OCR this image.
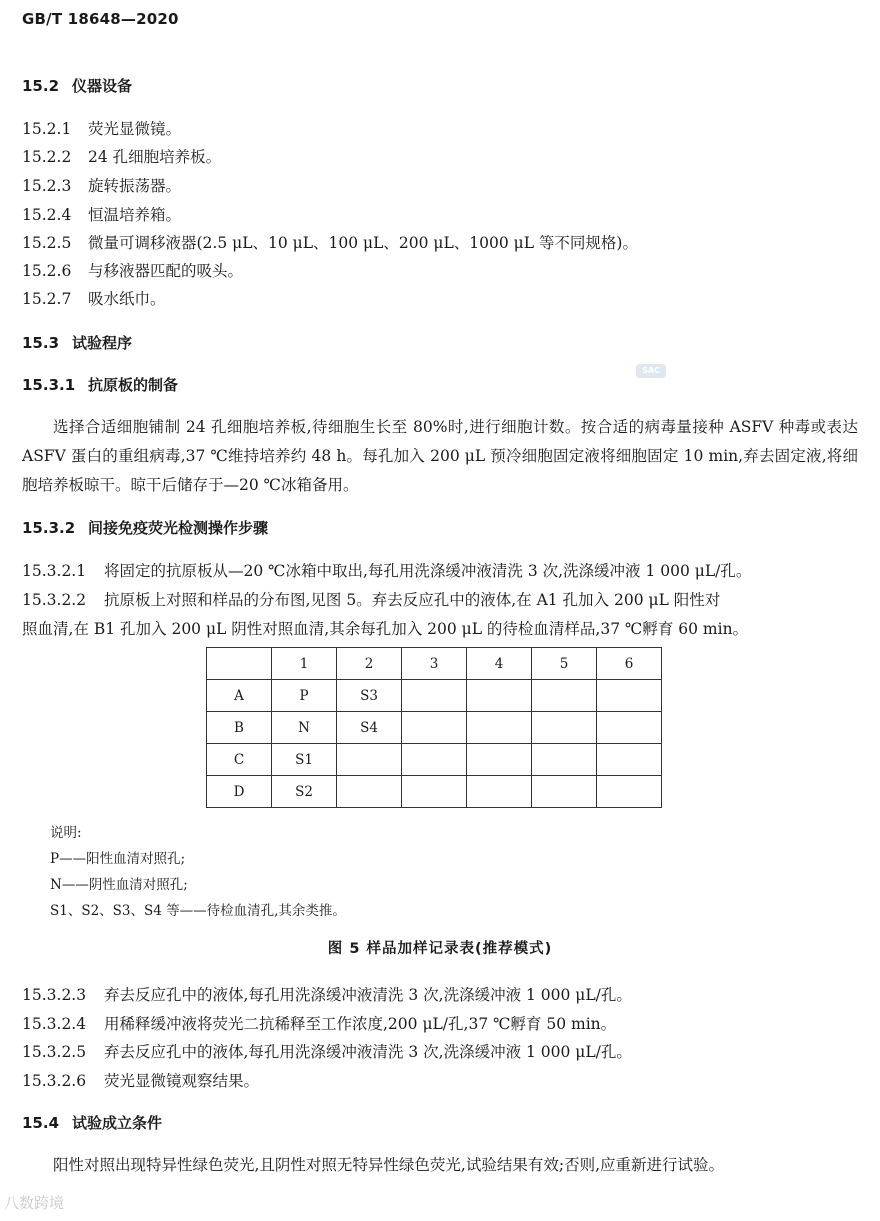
GB/T 18648—2020
15.2 仪器设备
15.2.1 荧光显微镜。
15.2.2 24 孔细胞培养板。
15.2.3 旋转振荡器。
15.2.4 恒温培养箱。
15.2.5 微量可调移液器(2.5 μL、10 μL、100 μL、200 μL、1000 μL 等不同规格)。
15.2.6 与移液器匹配的吸头。
15.2.7 吸水纸巾。
15.3 试验程序
SAC
15.3.1 抗原板的制备
选择合适细胞铺制 24 孔细胞培养板,待细胞生长至 80%时,进行细胞计数。按合适的病毒量接种 ASFV 种毒或表达 ASFV 蛋白的重组病毒,37 ℃维持培养约 48 h。每孔加入 200 μL 预冷细胞固定液将细胞固定 10 min,弃去固定液,将细胞培养板晾干。晾干后储存于—20 ℃冰箱备用。
15.3.2 间接免疫荧光检测操作步骤
15.3.2.1 将固定的抗原板从—20 ℃冰箱中取出,每孔用洗涤缓冲液清洗 3 次,洗涤缓冲液 1 000 μL/孔。
15.3.2.2 抗原板上对照和样品的分布图,见图 5。弃去反应孔中的液体,在 A1 孔加入 200 μL 阳性对
照血清,在 B1 孔加入 200 μL 阴性对照血清,其余每孔加入 200 μL 的待检血清样品,37 ℃孵育 60 min。
	1	2	3	4	5	6
A	P	S3				
B	N	S4				
C	S1					
D	S2					
说明:
P——阳性血清对照孔;
N——阴性血清对照孔;
S1、S2、S3、S4 等——待检血清孔,其余类推。
图 5 样品加样记录表(推荐模式)
15.3.2.3 弃去反应孔中的液体,每孔用洗涤缓冲液清洗 3 次,洗涤缓冲液 1 000 μL/孔。
15.3.2.4 用稀释缓冲液将荧光二抗稀释至工作浓度,200 μL/孔,37 ℃孵育 50 min。
15.3.2.5 弃去反应孔中的液体,每孔用洗涤缓冲液清洗 3 次,洗涤缓冲液 1 000 μL/孔。
15.3.2.6 荧光显微镜观察结果。
15.4 试验成立条件
阳性对照出现特异性绿色荧光,且阴性对照无特异性绿色荧光,试验结果有效;否则,应重新进行试验。
八数跨境
